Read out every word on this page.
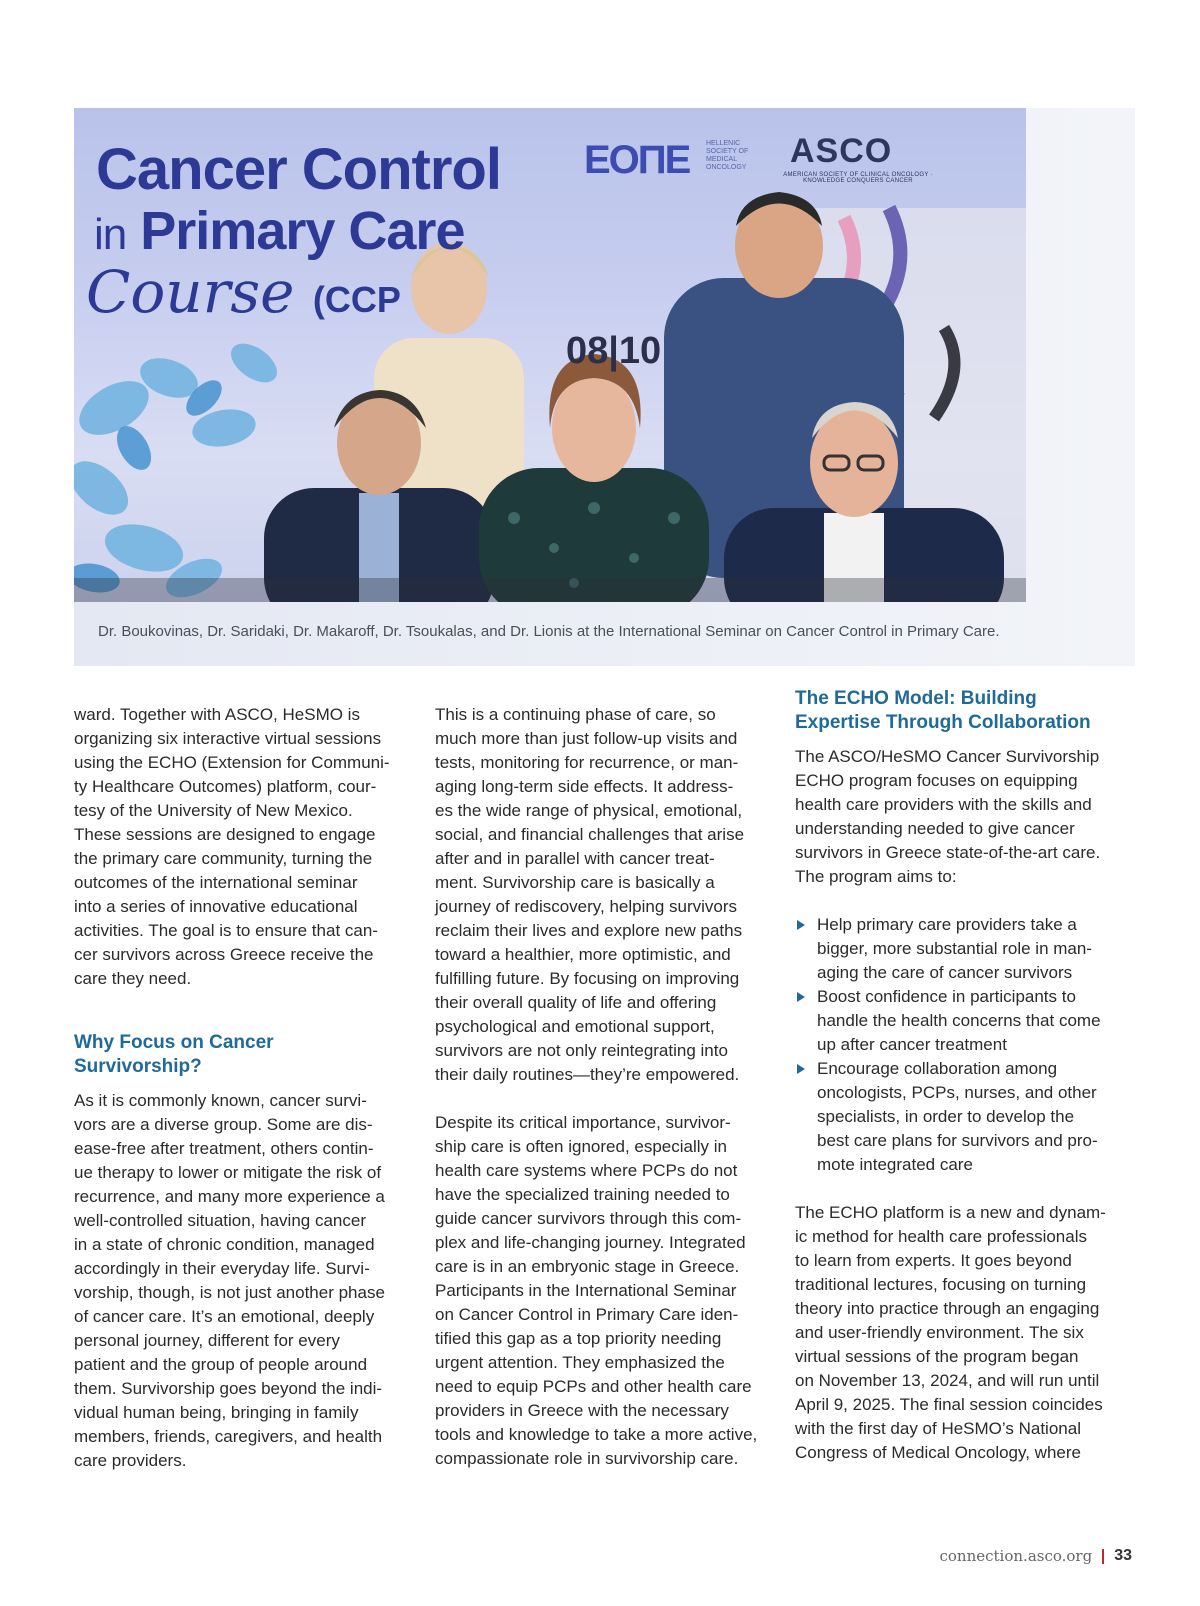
Cancer Control
in Primary Care
Course (CCP
08|10
EOΠE HELLENIC SOCIETY OF MEDICAL ONCOLOGY	ASCO
AMERICAN SOCIETY OF CLINICAL ONCOLOGY · KNOWLEDGE CONQUERS CANCER
Dr. Boukovinas, Dr. Saridaki, Dr. Makaroff, Dr. Tsoukalas, and Dr. Lionis at the International Seminar on Cancer Control in Primary Care.

ward. Together with ASCO, HeSMO is
organizing six interactive virtual sessions
using the ECHO (Extension for Communi-
ty Healthcare Outcomes) platform, cour-
tesy of the University of New Mexico.
These sessions are designed to engage
the primary care community, turning the
outcomes of the international seminar
into a series of innovative educational
activities. The goal is to ensure that can-
cer survivors across Greece receive the
care they need.

Why Focus on Cancer
Survivorship?

As it is commonly known, cancer survi-
vors are a diverse group. Some are dis-
ease-free after treatment, others contin-
ue therapy to lower or mitigate the risk of
recurrence, and many more experience a
well-controlled situation, having cancer
in a state of chronic condition, managed
accordingly in their everyday life. Survi-
vorship, though, is not just another phase
of cancer care. It’s an emotional, deeply
personal journey, different for every
patient and the group of people around
them. Survivorship goes beyond the indi-
vidual human being, bringing in family
members, friends, caregivers, and health
care providers.

This is a continuing phase of care, so
much more than just follow-up visits and
tests, monitoring for recurrence, or man-
aging long-term side effects. It address-
es the wide range of physical, emotional,
social, and financial challenges that arise
after and in parallel with cancer treat-
ment. Survivorship care is basically a
journey of rediscovery, helping survivors
reclaim their lives and explore new paths
toward a healthier, more optimistic, and
fulfilling future. By focusing on improving
their overall quality of life and offering
psychological and emotional support,
survivors are not only reintegrating into
their daily routines—they’re empowered.

Despite its critical importance, survivor-
ship care is often ignored, especially in
health care systems where PCPs do not
have the specialized training needed to
guide cancer survivors through this com-
plex and life-changing journey. Integrated
care is in an embryonic stage in Greece.
Participants in the International Seminar
on Cancer Control in Primary Care iden-
tified this gap as a top priority needing
urgent attention. They emphasized the
need to equip PCPs and other health care
providers in Greece with the necessary
tools and knowledge to take a more active,
compassionate role in survivorship care.

The ECHO Model: Building
Expertise Through Collaboration

The ASCO/HeSMO Cancer Survivorship
ECHO program focuses on equipping
health care providers with the skills and
understanding needed to give cancer
survivors in Greece state-of-the-art care.
The program aims to:

Help primary care providers take a
bigger, more substantial role in man-
aging the care of cancer survivors
Boost confidence in participants to
handle the health concerns that come
up after cancer treatment
Encourage collaboration among
oncologists, PCPs, nurses, and other
specialists, in order to develop the
best care plans for survivors and pro-
mote integrated care

The ECHO platform is a new and dynam-
ic method for health care professionals
to learn from experts. It goes beyond
traditional lectures, focusing on turning
theory into practice through an engaging
and user-friendly environment. The six
virtual sessions of the program began
on November 13, 2024, and will run until
April 9, 2025. The final session coincides
with the first day of HeSMO’s National
Congress of Medical Oncology, where

connection.asco.org 33
